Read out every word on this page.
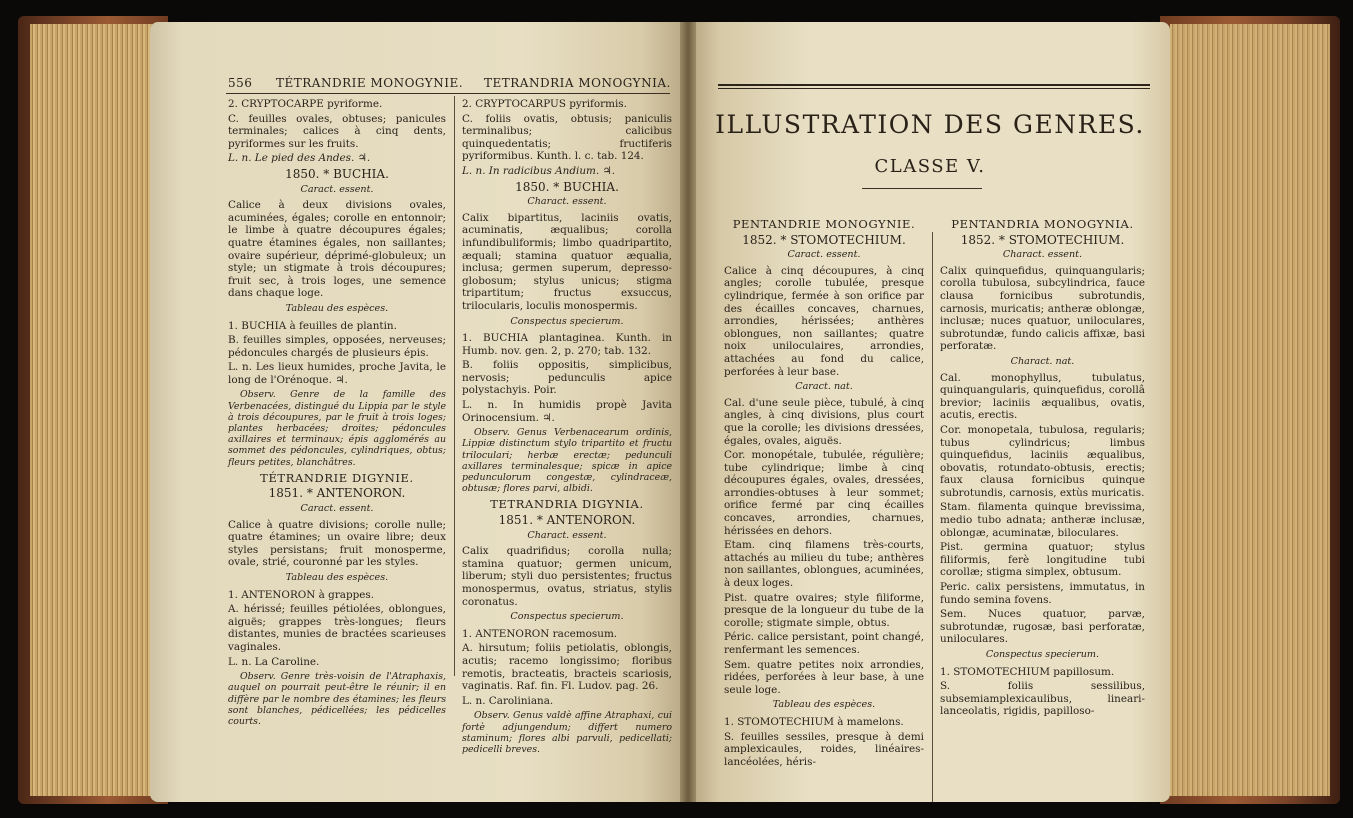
556 TÉTRANDRIE MONOGYNIE. TETRANDRIA MONOGYNIA.
2. CRYPTOCARPE pyriforme.
C. feuilles ovales, obtuses; panicules terminales; calices à cinq dents, pyriformes sur les fruits.
L. n. Le pied des Andes. ♃.
1850. * BUCHIA.
Caract. essent.
Calice à deux divisions ovales, acuminées, égales; corolle en entonnoir; le limbe à quatre découpures égales; quatre étamines égales, non saillantes; ovaire supérieur, déprimé-globuleux; un style; un stigmate à trois découpures; fruit sec, à trois loges, une semence dans chaque loge.
Tableau des espèces.
1. BUCHIA à feuilles de plantin.
B. feuilles simples, opposées, nerveuses; pédoncules chargés de plusieurs épis.
L. n. Les lieux humides, proche Javita, le long de l'Orénoque. ♃.
Observ. Genre de la famille des Verbenacées, distingué du Lippia par le style à trois découpures, par le fruit à trois loges; plantes herbacées; droites; pédoncules axillaires et terminaux; épis agglomérés au sommet des pédoncules, cylindriques, obtus; fleurs petites, blanchâtres.
TÉTRANDRIE DIGYNIE.
1851. * ANTENORON.
Caract. essent.
Calice à quatre divisions; corolle nulle; quatre étamines; un ovaire libre; deux styles persistans; fruit monosperme, ovale, strié, couronné par les styles.
Tableau des espèces.
1. ANTENORON à grappes.
A. hérissé; feuilles pétiolées, oblongues, aiguës; grappes très-longues; fleurs distantes, munies de bractées scarieuses vaginales.
L. n. La Caroline.
Observ. Genre très-voisin de l'Atraphaxis, auquel on pourrait peut-être le réunir; il en diffère par le nombre des étamines; les fleurs sont blanches, pédicellées; les pédicelles courts.
2. CRYPTOCARPUS pyriformis.
C. foliis ovatis, obtusis; paniculis terminalibus; calicibus quinquedentatis; fructiferis pyriformibus. Kunth. l. c. tab. 124.
L. n. In radicibus Andium. ♃.
1850. * BUCHIA.
Charact. essent.
Calix bipartitus, laciniis ovatis, acuminatis, æqualibus; corolla infundibuliformis; limbo quadripartito, æquali; stamina quatuor æqualia, inclusa; germen superum, depresso-globosum; stylus unicus; stigma tripartitum; fructus exsuccus, trilocularis, loculis monospermis.
Conspectus specierum.
1. BUCHIA plantaginea. Kunth. in Humb. nov. gen. 2, p. 270; tab. 132.
B. foliis oppositis, simplicibus, nervosis; pedunculis apice polystachyis. Poir.
L. n. In humidis propè Javita Orinocensium. ♃.
Observ. Genus Verbenacearum ordinis, Lippiæ distinctum stylo tripartito et fructu triloculari; herbæ erectæ; pedunculi axillares terminalesque; spicæ in apice pedunculorum congestæ, cylindraceæ, obtusæ; flores parvi, albidi.
TETRANDRIA DIGYNIA.
1851. * ANTENORON.
Charact. essent.
Calix quadrifidus; corolla nulla; stamina quatuor; germen unicum, liberum; styli duo persistentes; fructus monospermus, ovatus, striatus, stylis coronatus.
Conspectus specierum.
1. ANTENORON racemosum.
A. hirsutum; foliis petiolatis, oblongis, acutis; racemo longissimo; floribus remotis, bracteatis, bracteis scariosis, vaginatis. Raf. fin. Fl. Ludov. pag. 26.
L. n. Caroliniana.
Observ. Genus valdè affine Atraphaxi, cui fortè adjungendum; differt numero staminum; flores albi parvuli, pedicellati; pedicelli breves.
ILLUSTRATION DES GENRES.
CLASSE V.
PENTANDRIE MONOGYNIE.
1852. * STOMOTECHIUM.
Caract. essent.
Calice à cinq découpures, à cinq angles; corolle tubulée, presque cylindrique, fermée à son orifice par des écailles concaves, charnues, arrondies, hérissées; anthères oblongues, non saillantes; quatre noix uniloculaires, arrondies, attachées au fond du calice, perforées à leur base.
Caract. nat.
Cal. d'une seule pièce, tubulé, à cinq angles, à cinq divisions, plus court que la corolle; les divisions dressées, égales, ovales, aiguës.
Cor. monopétale, tubulée, régulière; tube cylindrique; limbe à cinq découpures égales, ovales, dressées, arrondies-obtuses à leur sommet; orifice fermé par cinq écailles concaves, arrondies, charnues, hérissées en dehors.
Etam. cinq filamens très-courts, attachés au milieu du tube; anthères non saillantes, oblongues, acuminées, à deux loges.
Pist. quatre ovaires; style filiforme, presque de la longueur du tube de la corolle; stigmate simple, obtus.
Péric. calice persistant, point changé, renfermant les semences.
Sem. quatre petites noix arrondies, ridées, perforées à leur base, à une seule loge.
Tableau des espèces.
1. STOMOTECHIUM à mamelons.
S. feuilles sessiles, presque à demi amplexicaules, roides, linéaires-lancéolées, héris-
PENTANDRIA MONOGYNIA.
1852. * STOMOTECHIUM.
Charact. essent.
Calix quinquefidus, quinquangularis; corolla tubulosa, subcylindrica, fauce clausa fornicibus subrotundis, carnosis, muricatis; antheræ oblongæ, inclusæ; nuces quatuor, uniloculares, subrotundæ, fundo calicis affixæ, basi perforatæ.
Charact. nat.
Cal. monophyllus, tubulatus, quinquangularis, quinquefidus, corollâ brevior; laciniis æqualibus, ovatis, acutis, erectis.
Cor. monopetala, tubulosa, regularis; tubus cylindricus; limbus quinquefidus, laciniis æqualibus, obovatis, rotundato-obtusis, erectis; faux clausa fornicibus quinque subrotundis, carnosis, extùs muricatis.
Stam. filamenta quinque brevissima, medio tubo adnata; antheræ inclusæ, oblongæ, acuminatæ, biloculares.
Pist. germina quatuor; stylus filiformis, ferè longitudine tubi corollæ; stigma simplex, obtusum.
Peric. calix persistens, immutatus, in fundo semina fovens.
Sem. Nuces quatuor, parvæ, subrotundæ, rugosæ, basi perforatæ, uniloculares.
Conspectus specierum.
1. STOMOTECHIUM papillosum.
S. foliis sessilibus, subsemiamplexicaulibus, lineari-lanceolatis, rigidis, papilloso-
